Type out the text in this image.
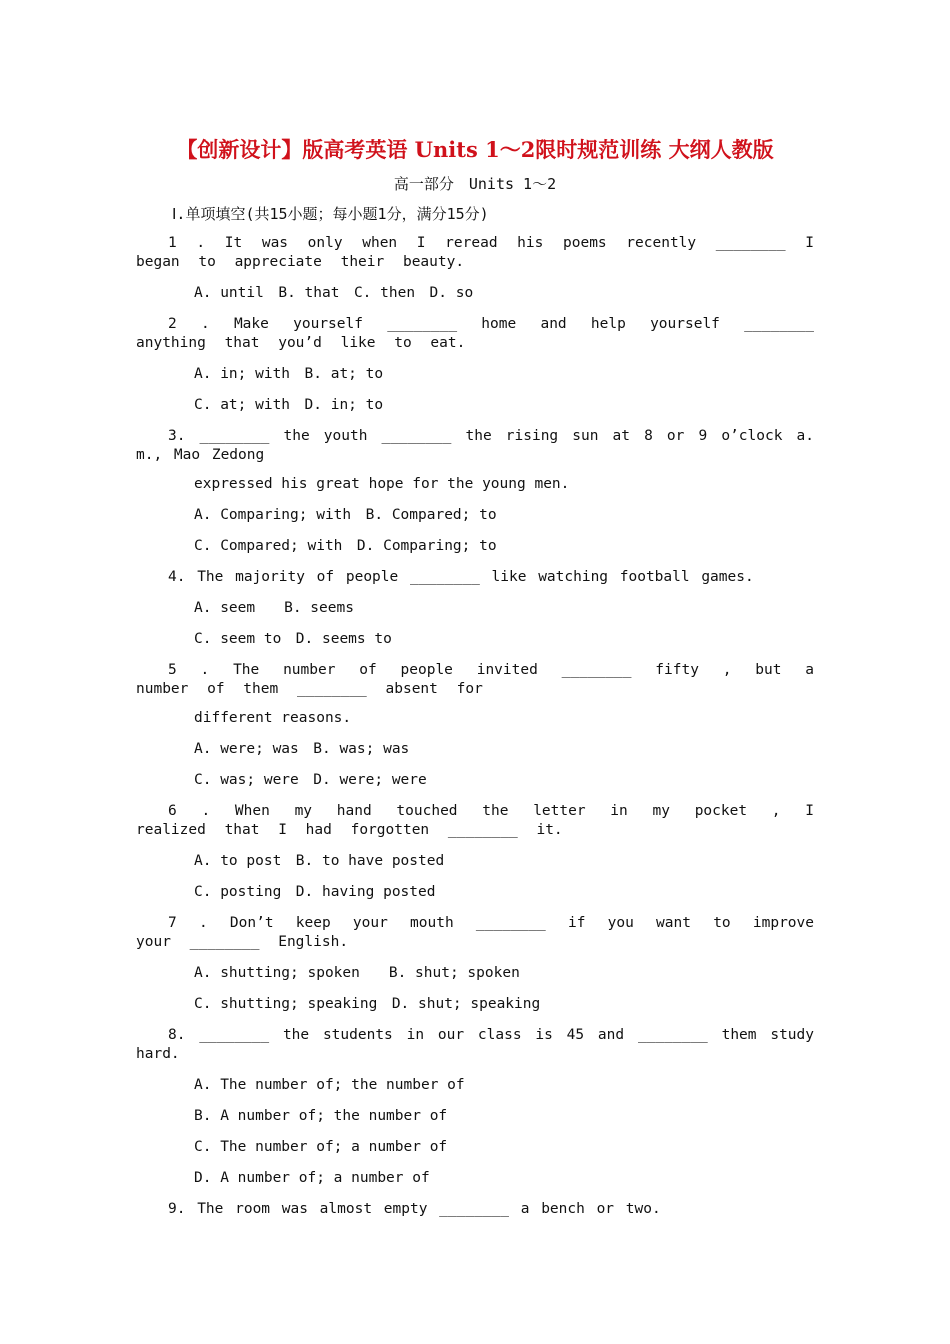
【创新设计】版高考英语 Units 1～2限时规范训练 大纲人教版
高一部分　Units 1～2
Ⅰ.单项填空(共15小题；每小题1分，满分15分)
1 . It was only when I reread his poems recently ________ I began to appreciate their beauty.
A. until　B. that　C. then　D. so
2 . Make yourself ________ home and help yourself ________ anything that you’d like to eat.
A. in; with　B. at; to
C. at; with　D. in; to
3. ________ the youth ________ the rising sun at 8 or 9 o’clock a. m., Mao Zedong
expressed his great hope for the young men.
A. Comparing; with　B. Compared; to
C. Compared; with　D. Comparing; to
4. The majority of people ________ like watching football games.
A. seem　　B. seems
C. seem to　D. seems to
5 . The number of people invited ________ fifty , but a number of them ________ absent for
different reasons.
A. were; was　B. was; was
C. was; were　D. were; were
6 . When my hand touched the letter in my pocket , I realized that I had forgotten ________ it.
A. to post　B. to have posted
C. posting　D. having posted
7 . Don’t keep your mouth ________ if you want to improve your ________ English.
A. shutting; spoken　　B. shut; spoken
C. shutting; speaking　D. shut; speaking
8. ________ the students in our class is 45 and ________ them study hard.
A. The number of; the number of
B. A number of; the number of
C. The number of; a number of
D. A number of; a number of
9. The room was almost empty ________ a bench or two.
